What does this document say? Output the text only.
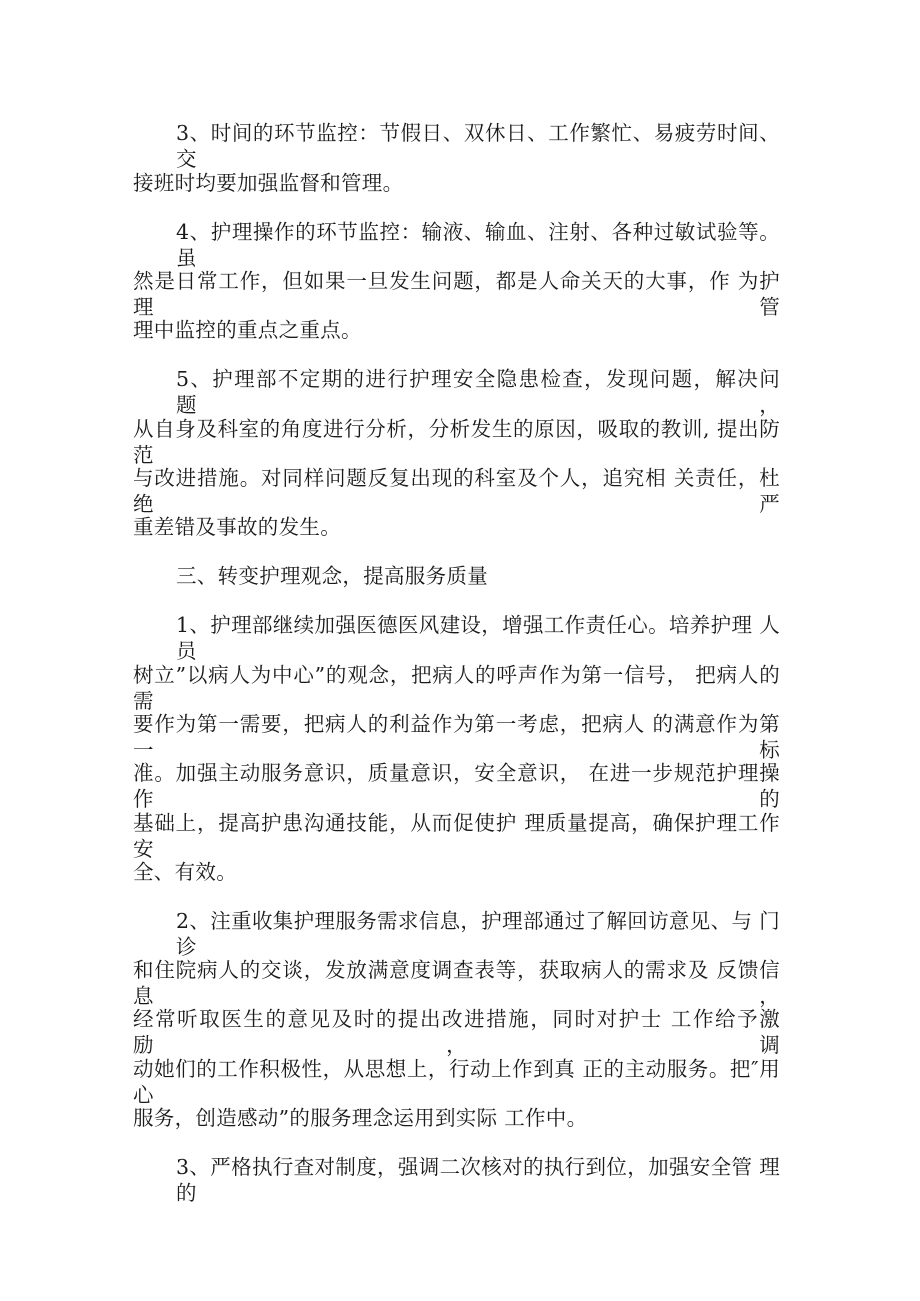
3、时间的环节监控：节假日、双休日、工作繁忙、易疲劳时间、 交
接班时均要加强监督和管理。
4、护理操作的环节监控：输液、输血、注射、各种过敏试验等。 虽
然是日常工作，但如果一旦发生问题，都是人命关天的大事，作 为护理管
理中监控的重点之重点。
5、护理部不定期的进行护理安全隐患检查，发现问题，解决问 题，
从自身及科室的角度进行分析，分析发生的原因，吸取的教训, 提出防范
与改进措施。对同样问题反复出现的科室及个人，追究相 关责任，杜绝严
重差错及事故的发生。
三、转变护理观念，提高服务质量
1、护理部继续加强医德医风建设，增强工作责任心。培养护理 人员
树立”以病人为中心”的观念，把病人的呼声作为第一信号， 把病人的需
要作为第一需要，把病人的利益作为第一考虑，把病人 的满意作为第一标
准。加强主动服务意识，质量意识，安全意识， 在进一步规范护理操作的
基础上，提高护患沟通技能，从而促使护 理质量提高，确保护理工作安
全、有效。
2、注重收集护理服务需求信息，护理部通过了解回访意见、与 门诊
和住院病人的交谈，发放满意度调查表等，获取病人的需求及 反馈信息，
经常听取医生的意见及时的提出改进措施，同时对护士 工作给予激励，调
动她们的工作积极性，从思想上，行动上作到真 正的主动服务。把″用心
服务，创造感动”的服务理念运用到实际 工作中。
3、严格执行查对制度，强调二次核对的执行到位，加强安全管 理的
